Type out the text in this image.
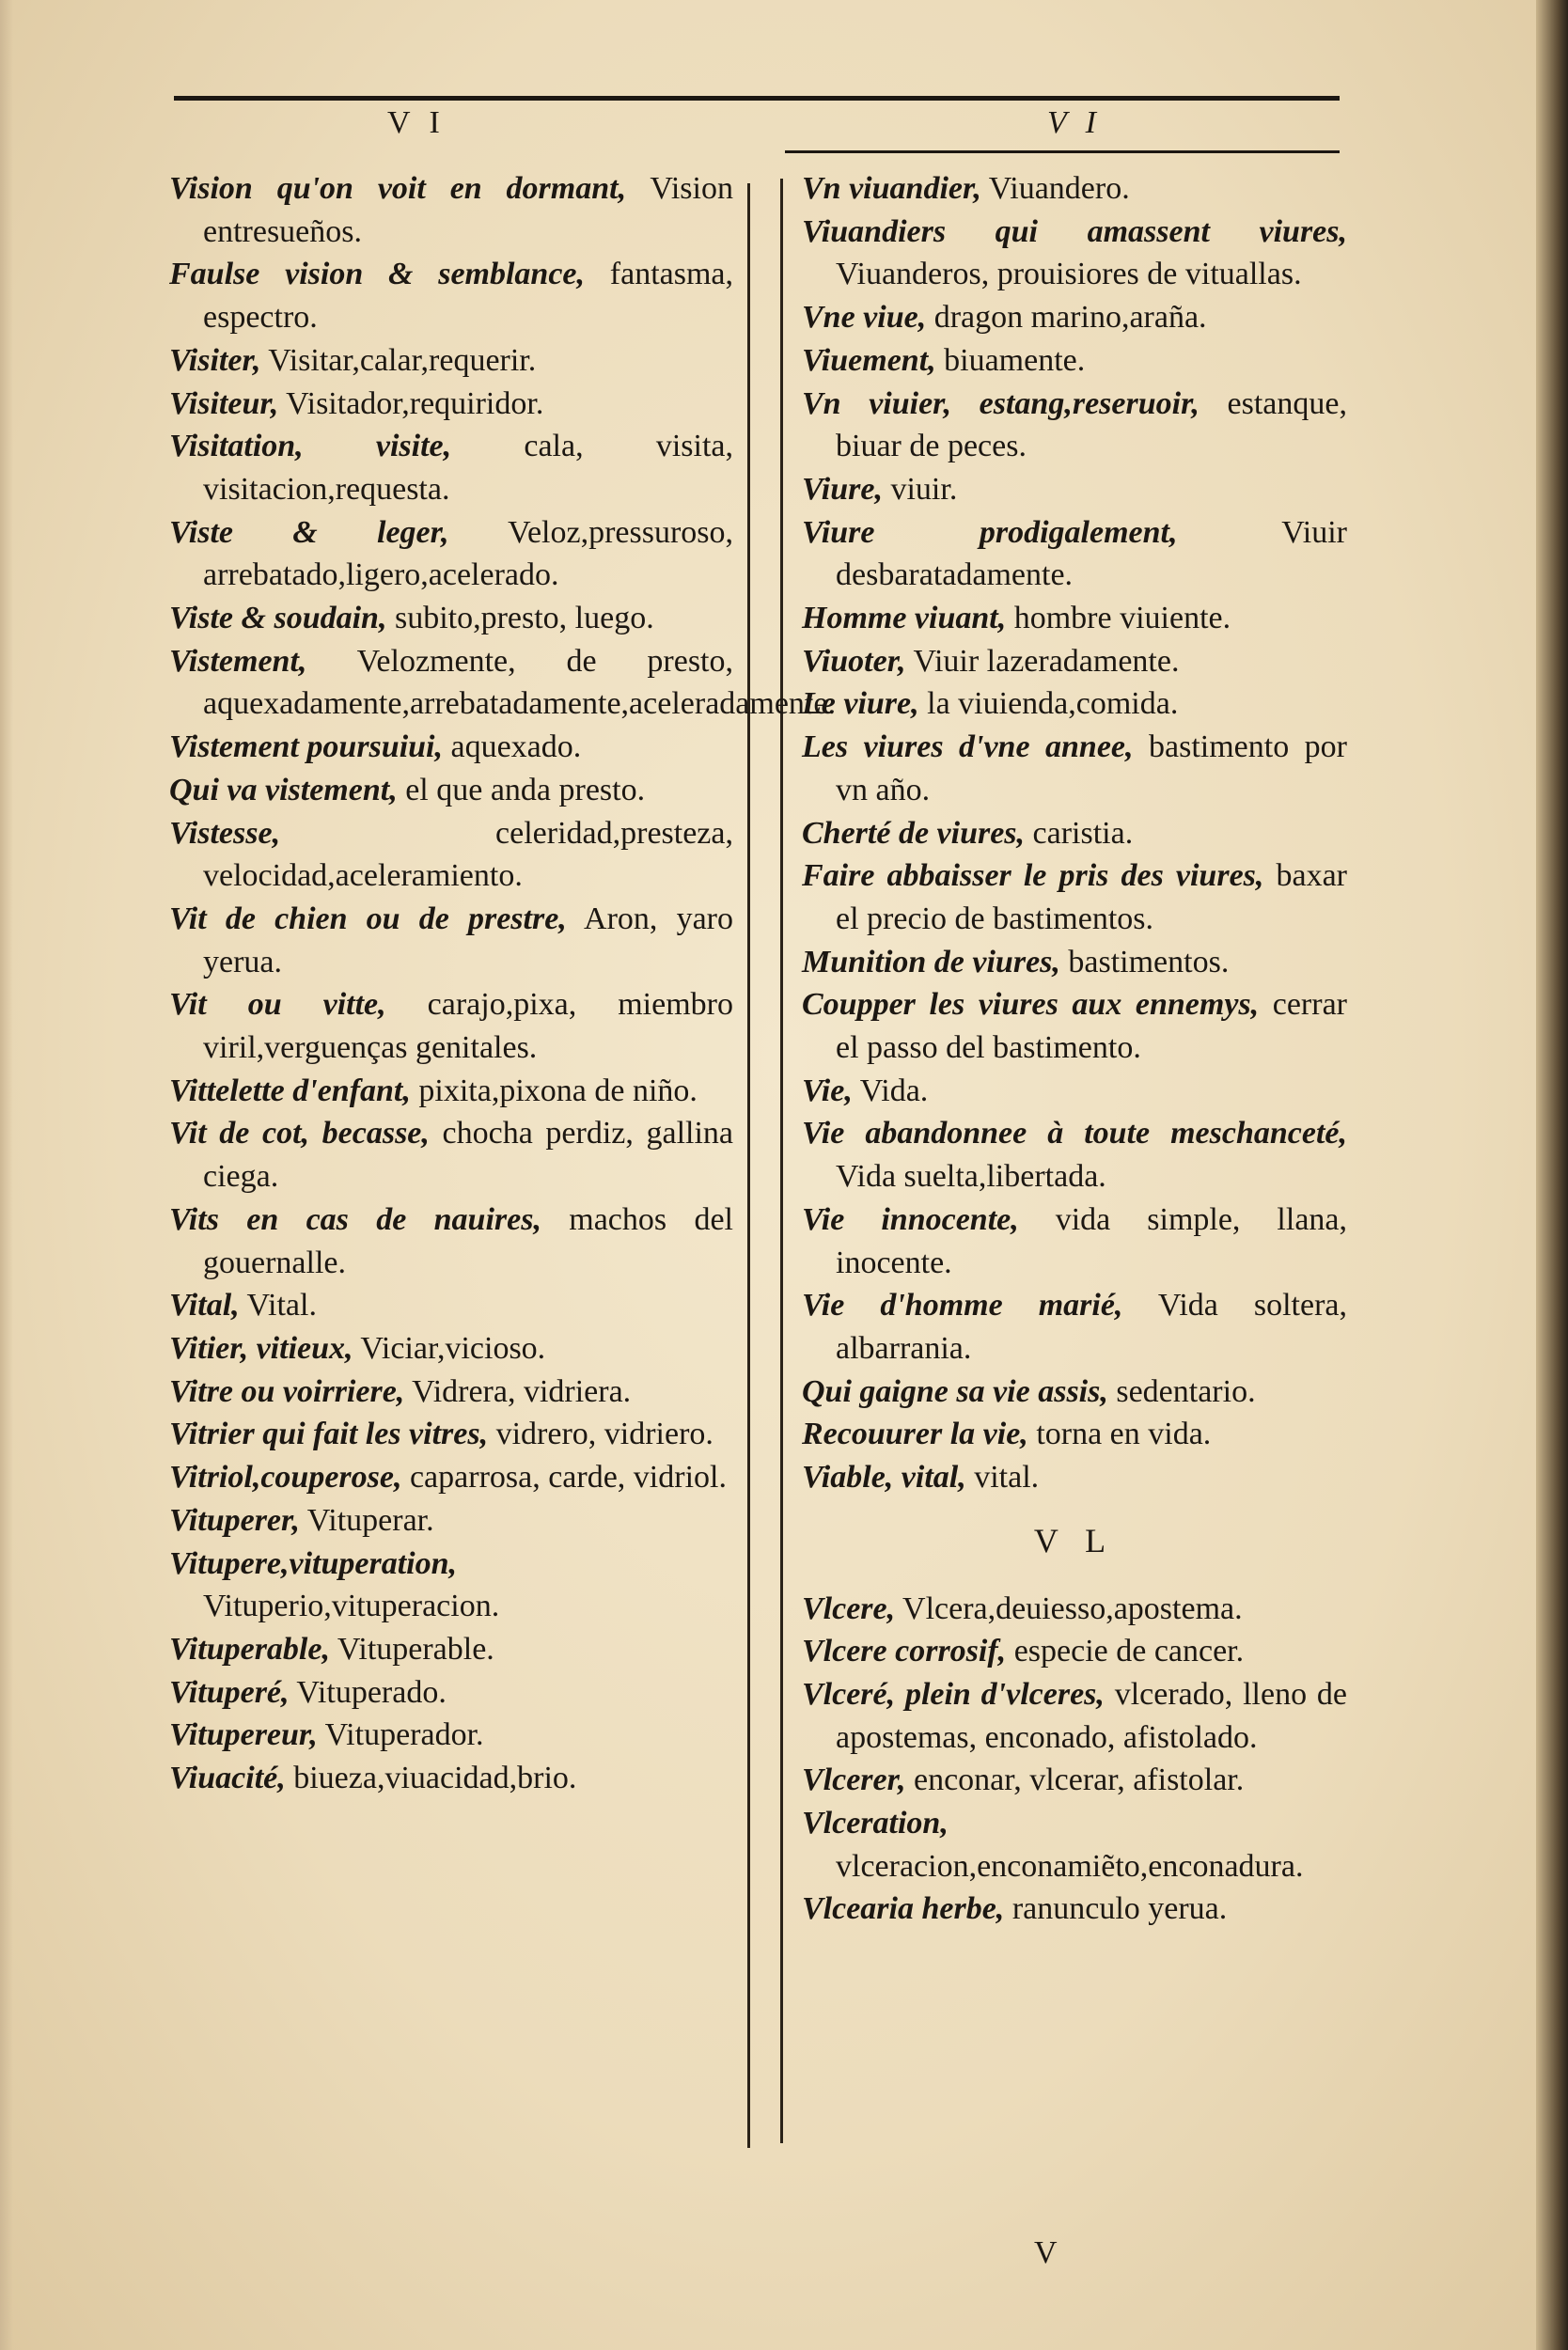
V I	V I

Vision qu'on voit en dormant, Vision entresueños.

Faulse vision & semblance, fantasma, espectro.

Visiter, Visitar,calar,requerir.

Visiteur, Visitador,requiridor.

Visitation, visite, cala, visita, visitacion,requesta.

Viste & leger, Veloz,pressuroso, arrebatado,ligero,acelerado.

Viste & soudain, subito,presto, luego.

Vistement, Velozmente, de presto, aquexadamente,arrebatadamente,aceleradamente.

Vistement poursuiui, aquexado.

Qui va vistement, el que anda presto.

Vistesse, celeridad,presteza, velocidad,aceleramiento.

Vit de chien ou de prestre, Aron, yaro yerua.

Vit ou vitte, carajo,pixa, miembro viril,verguenças genitales.

Vittelette d'enfant, pixita,pixona de niño.

Vit de cot, becasse, chocha perdiz, gallina ciega.

Vits en cas de nauires, machos del gouernalle.

Vital, Vital.

Vitier, vitieux, Viciar,vicioso.

Vitre ou voirriere, Vidrera, vidriera.

Vitrier qui fait les vitres, vidrero, vidriero.

Vitriol,couperose, caparrosa, carde, vidriol.

Vituperer, Vituperar.

Vitupere,vituperation, Vituperio,vituperacion.

Vituperable, Vituperable.

Vituperé, Vituperado.

Vitupereur, Vituperador.

Viuacité, biueza,viuacidad,brio.

Vn viuandier, Viuandero.

Viuandiers qui amassent viures, Viuanderos, prouisiores de vituallas.

Vne viue, dragon marino,araña.

Viuement, biuamente.

Vn viuier, estang,reseruoir, estanque, biuar de peces.

Viure, viuir.

Viure prodigalement, Viuir desbaratadamente.

Homme viuant, hombre viuiente.

Viuoter, Viuir lazeradamente.

Le viure, la viuienda,comida.

Les viures d'vne annee, bastimento por vn año.

Cherté de viures, caristia.

Faire abbaisser le pris des viures, baxar el precio de bastimentos.

Munition de viures, bastimentos.

Coupper les viures aux ennemys, cerrar el passo del bastimento.

Vie, Vida.

Vie abandonnee à toute meschanceté, Vida suelta,libertada.

Vie innocente, vida simple, llana, inocente.

Vie d'homme marié, Vida soltera, albarrania.

Qui gaigne sa vie assis, sedentario.

Recouurer la vie, torna en vida.

Viable, vital, vital.

V L

Vlcere, Vlcera,deuiesso,apostema.

Vlcere corrosif, especie de cancer.

Vlceré, plein d'vlceres, vlcerado, lleno de apostemas, enconado, afistolado.

Vlcerer, enconar, vlcerar, afistolar.

Vlceration, vlceracion,enconamiẽto,enconadura.

Vlcearia herbe, ranunculo yerua.

V
